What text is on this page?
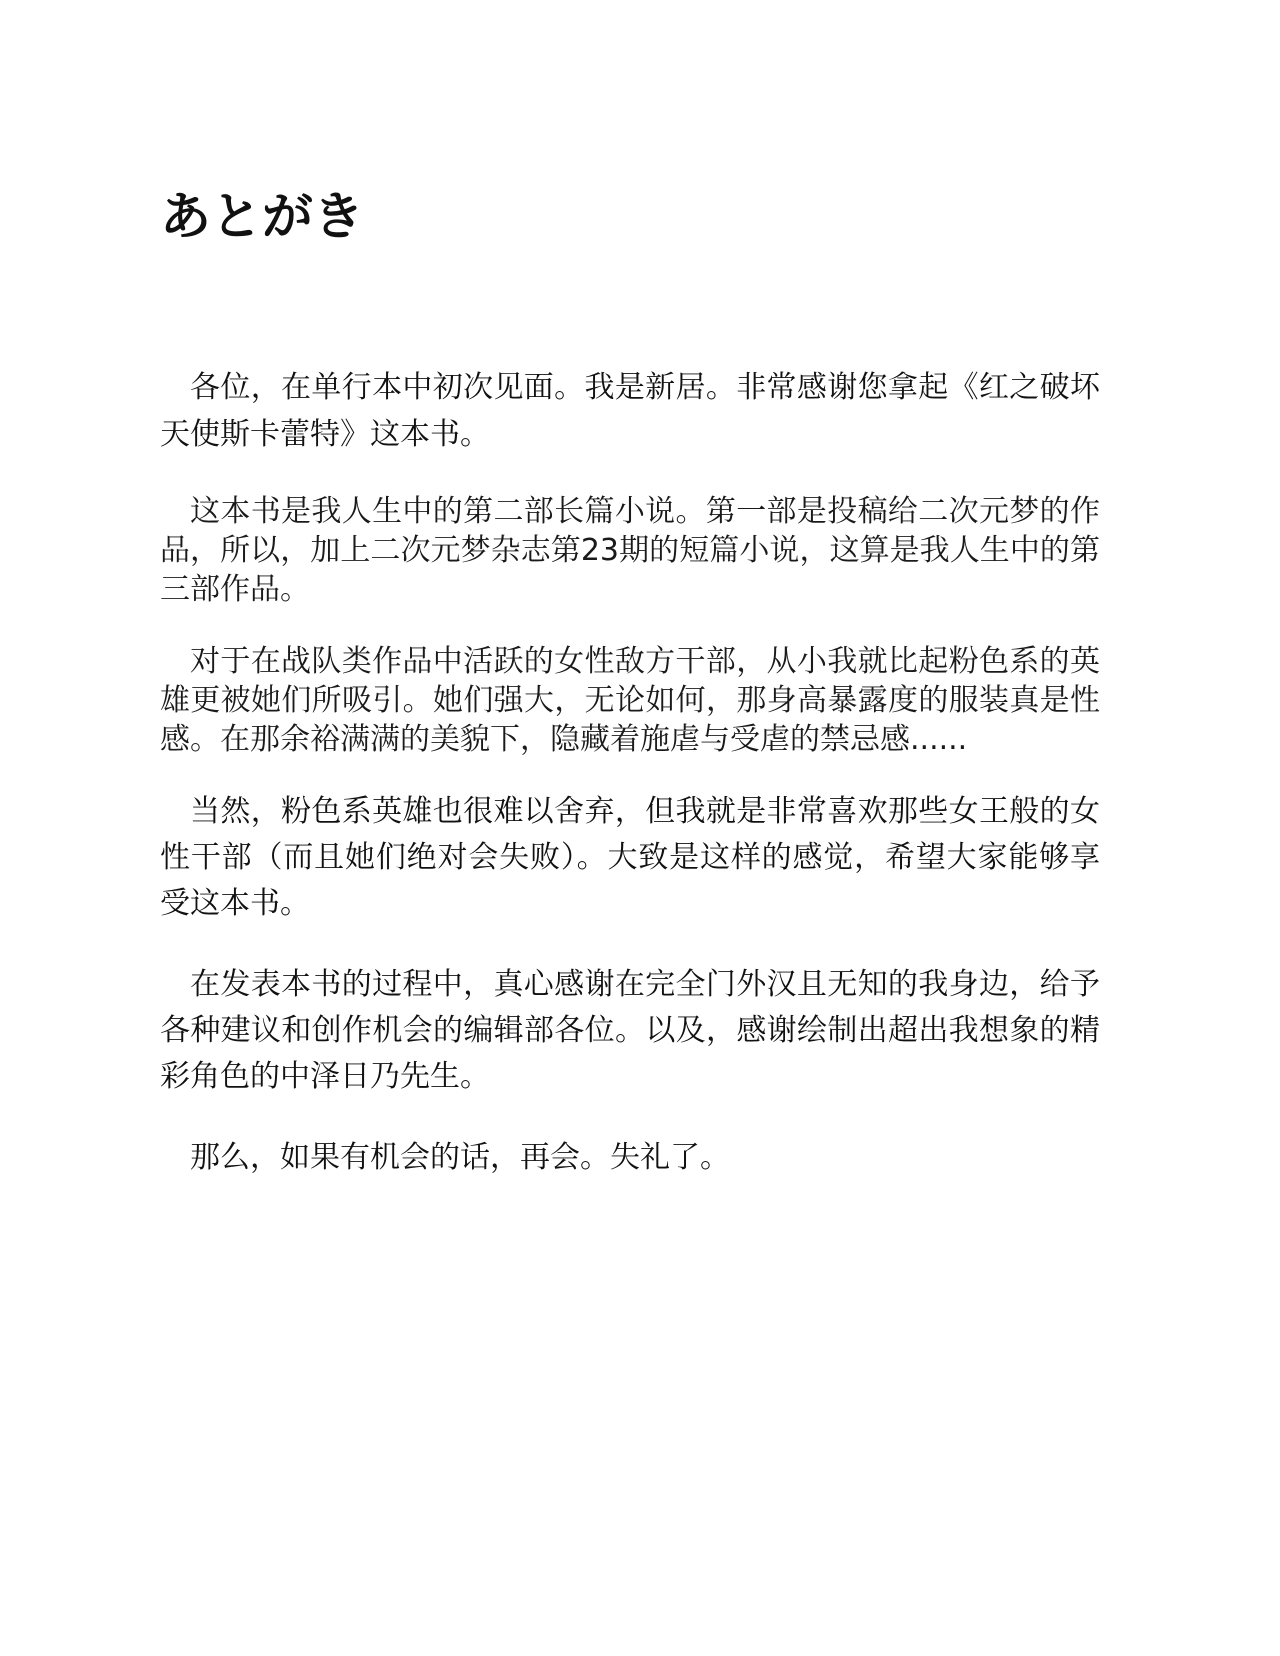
あとがき

各位，在单行本中初次见面。我是新居。非常感谢您拿起《红之破坏天使斯卡蕾特》这本书。

这本书是我人生中的第二部长篇小说。第一部是投稿给二次元梦的作品，所以，加上二次元梦杂志第23期的短篇小说，这算是我人生中的第三部作品。

对于在战队类作品中活跃的女性敌方干部，从小我就比起粉色系的英雄更被她们所吸引。她们强大，无论如何，那身高暴露度的服装真是性感。在那余裕满满的美貌下，隐藏着施虐与受虐的禁忌感......

当然，粉色系英雄也很难以舍弃，但我就是非常喜欢那些女王般的女性干部（而且她们绝对会失败）。大致是这样的感觉，希望大家能够享受这本书。

在发表本书的过程中，真心感谢在完全门外汉且无知的我身边，给予各种建议和创作机会的编辑部各位。以及，感谢绘制出超出我想象的精彩角色的中泽日乃先生。

那么，如果有机会的话，再会。失礼了。
